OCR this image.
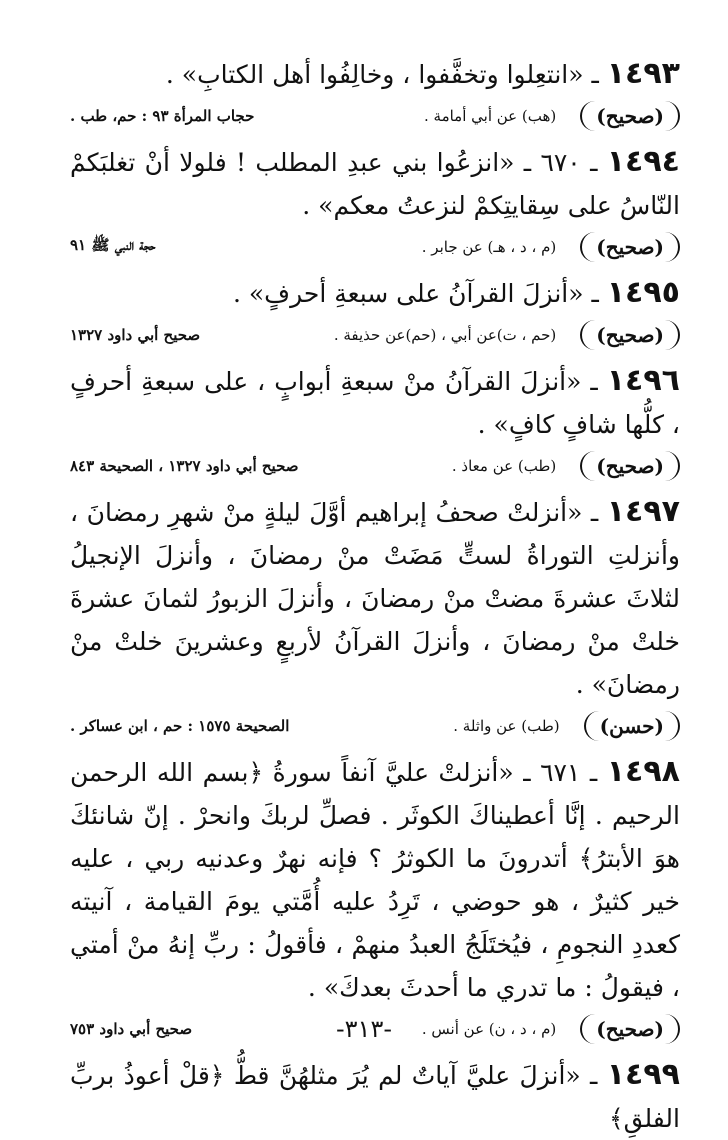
١٤٩٣ ـ «انتعِلوا وتخفَّفوا ، وخالِفُوا أهل الكتابِ» .

(صحيح)
(هب) عن أبي أمامة .
حجاب المرأة ٩٣ : حم، طب .

١٤٩٤ ـ ٦٧٠ ـ «انزعُوا بني عبدِ المطلب ! فلولا أنْ تغلبَكمْ النّاسُ على سِقايتِكمْ لنزعتُ معكم» .

(صحيح)
(م ، د ، هـ) عن جابر .
حجة النبي ﷺ ٩١

١٤٩٥ ـ «أنزلَ القرآنُ على سبعةِ أحرفٍ» .

(صحيح)
(حم ، ت)عن أبي ، (حم)عن حذيفة .
صحيح أبي داود ١٣٢٧

١٤٩٦ ـ «أنزلَ القرآنُ منْ سبعةِ أبوابٍ ، على سبعةِ أحرفٍ ، كلُّها شافٍ كافٍ» .

(صحيح)
(طب) عن معاذ .
صحيح أبي داود ١٣٢٧ ، الصحيحة ٨٤٣

١٤٩٧ ـ «أنزلتْ صحفُ إبراهيم أوَّلَ ليلةٍ منْ شهرِ رمضانَ ، وأنزلتِ التوراةُ لستٍّ مَضَتْ منْ رمضانَ ، وأنزلَ الإنجيلُ لثلاثَ عشرةَ مضتْ منْ رمضانَ ، وأنزلَ الزبورُ لثمانَ عشرةَ خلتْ منْ رمضانَ ، وأنزلَ القرآنُ لأربعٍ وعشرينَ خلتْ منْ رمضانَ» .

(حسن)
(طب) عن واثلة .
الصحيحة ١٥٧٥ : حم ، ابن عساكر .

١٤٩٨ ـ ٦٧١ ـ «أنزلتْ عليَّ آنفاً سورةُ ﴿بسم الله الرحمن الرحيم . إنَّا أعطيناكَ الكوثَر . فصلِّ لربكَ وانحرْ . إنّ شانئكَ هوَ الأبترُ﴾ أتدرونَ ما الكوثرُ ؟ فإنه نهرٌ وعدنيه ربي ، عليه خير كثيرٌ ، هو حوضي ، تَرِدُ عليه أُمَّتي يومَ القيامة ، آنيته كعددِ النجومِ ، فيُختَلَجُ العبدُ منهمْ ، فأقولُ : ربِّ إنهُ منْ أمتي ، فيقولُ : ما تدري ما أحدثَ بعدكَ» .

(صحيح)
(م ، د ، ن) عن أنس .
صحيح أبي داود ٧٥٣

١٤٩٩ ـ «أنزلَ عليَّ آياتٌ لم يُرَ مثلهُنَّ قطُّ ﴿قلْ أعوذُ بربِّ الفلقِ﴾

-٣١٣-
